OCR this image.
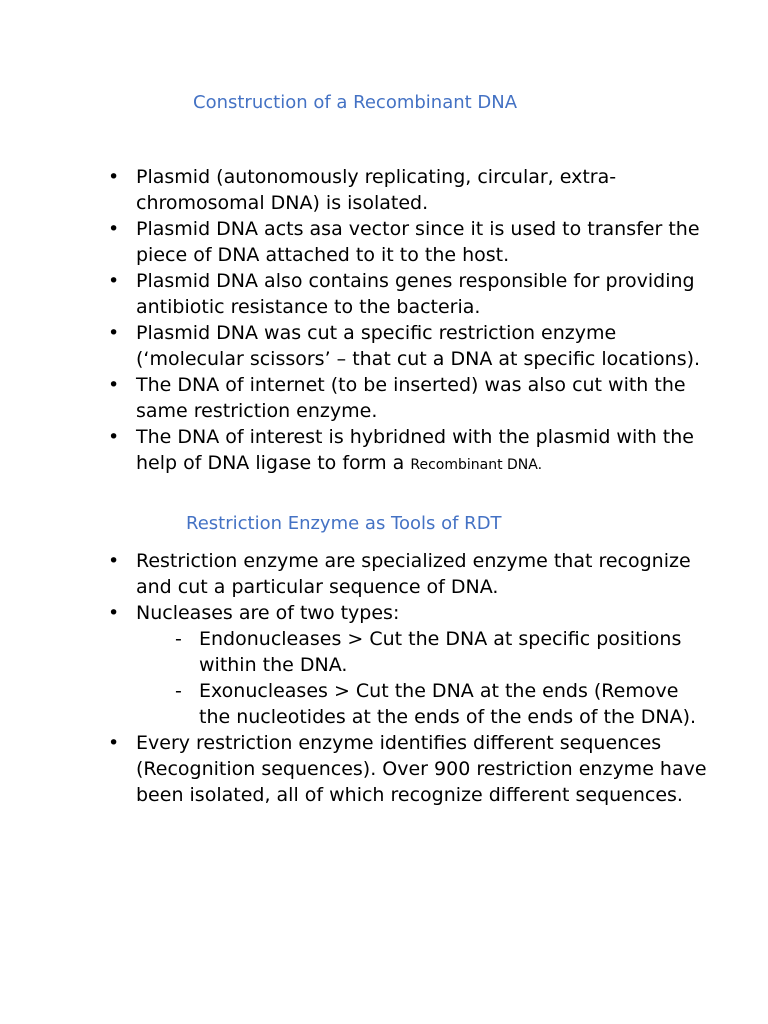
Construction of a Recombinant DNA
• Plasmid (autonomously replicating, circular, extra-chromosomal DNA) is isolated.
• Plasmid DNA acts asa vector since it is used to transfer the piece of DNA attached to it to the host.
• Plasmid DNA also contains genes responsible for providing antibiotic resistance to the bacteria.
• Plasmid DNA was cut a specific restriction enzyme (‘molecular scissors’ – that cut a DNA at specific locations).
• The DNA of internet (to be inserted) was also cut with the same restriction enzyme.
• The DNA of interest is hybridned with the plasmid with the help of DNA ligase to form a Recombinant DNA.
Restriction Enzyme as Tools of RDT
• Restriction enzyme are specialized enzyme that recognize and cut a particular sequence of DNA.
• Nucleases are of two types:
- Endonucleases > Cut the DNA at specific positions within the DNA.
- Exonucleases > Cut the DNA at the ends (Remove the nucleotides at the ends of the ends of the DNA).
• Every restriction enzyme identifies different sequences (Recognition sequences). Over 900 restriction enzyme have been isolated, all of which recognize different sequences.
